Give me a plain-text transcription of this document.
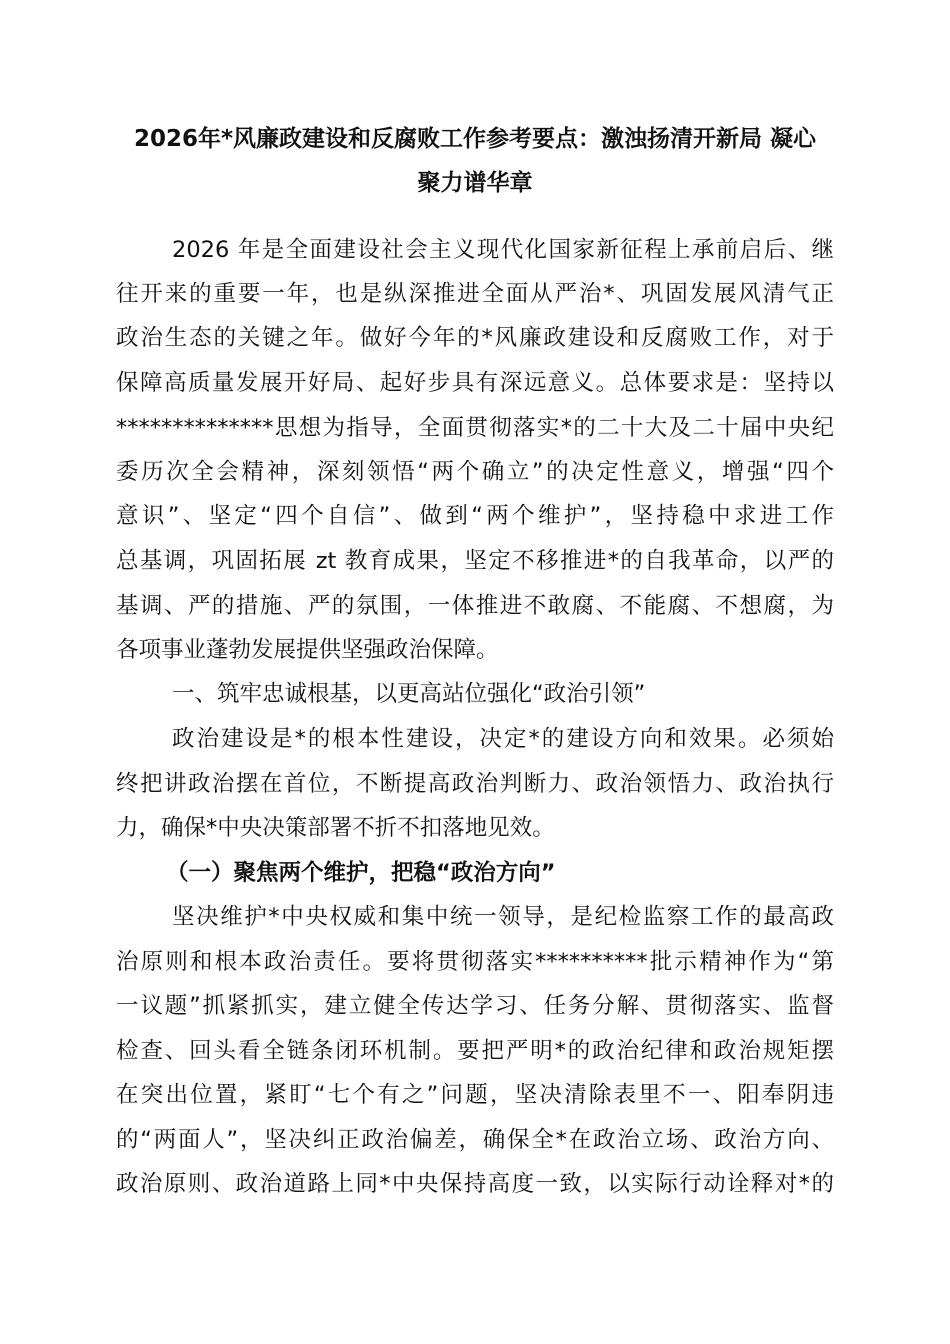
2026年*风廉政建设和反腐败工作参考要点：激浊扬清开新局 凝心
聚力谱华章

2026 年是全面建设社会主义现代化国家新征程上承前启后、继

往开来的重要一年，也是纵深推进全面从严治*、巩固发展风清气正

政治生态的关键之年。做好今年的*风廉政建设和反腐败工作，对于

保障高质量发展开好局、起好步具有深远意义。总体要求是：坚持以

**************思想为指导，全面贯彻落实*的二十大及二十届中央纪

委历次全会精神，深刻领悟“两个确立”的决定性意义，增强“四个

意识”、坚定“四个自信”、做到“两个维护”，坚持稳中求进工作

总基调，巩固拓展 zt 教育成果，坚定不移推进*的自我革命，以严的

基调、严的措施、严的氛围，一体推进不敢腐、不能腐、不想腐，为

各项事业蓬勃发展提供坚强政治保障。

一、筑牢忠诚根基，以更高站位强化“政治引领”

政治建设是*的根本性建设，决定*的建设方向和效果。必须始

终把讲政治摆在首位，不断提高政治判断力、政治领悟力、政治执行

力，确保*中央决策部署不折不扣落地见效。

（一）聚焦两个维护，把稳“政治方向”

坚决维护*中央权威和集中统一领导，是纪检监察工作的最高政

治原则和根本政治责任。要将贯彻落实**********批示精神作为“第

一议题”抓紧抓实，建立健全传达学习、任务分解、贯彻落实、监督

检查、回头看全链条闭环机制。要把严明*的政治纪律和政治规矩摆

在突出位置，紧盯“七个有之”问题，坚决清除表里不一、阳奉阴违

的“两面人”，坚决纠正政治偏差，确保全*在政治立场、政治方向、

政治原则、政治道路上同*中央保持高度一致，以实际行动诠释对*的
